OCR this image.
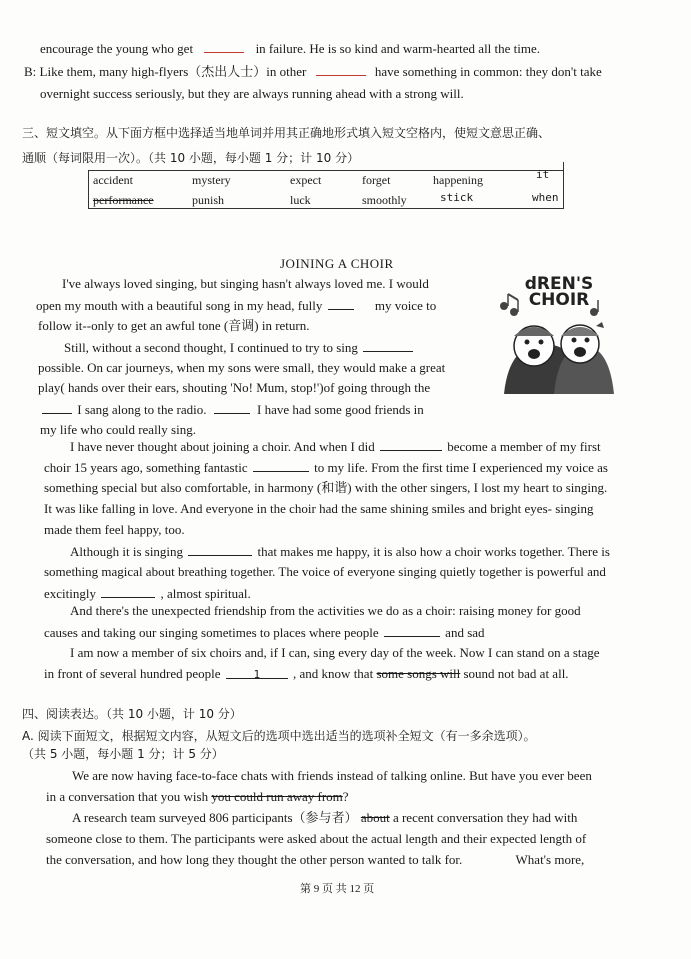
encourage the young who get	in failure. He is so kind and warm-hearted all the time.
B: Like them, many high-flyers（杰出人士）in other	have something in common: they don't take
overnight success seriously, but they are always running ahead with a strong will.
三、短文填空。从下面方框中选择适当地单词并用其正确地形式填入短文空格内，使短文意思正确、
通顺（每词限用一次）。（共 10 小题，每小题 1 分；计 10 分）
accident	mystery	expect	forget	happening	it
performance	punish	luck	smoothly	stick	when
JOINING A CHOIR
dREN'S CHOIR
I've always loved singing, but singing hasn't always loved me. I would
open my mouth with a beautiful song in my head, fully	my voice to
follow it--only to get an awful tone (音调) in return.
Still, without a second thought, I continued to try to sing
possible. On car journeys, when my sons were small, they would make a great
play( hands over their ears, shouting 'No! Mum, stop!')of going through the
I sang along to the radio.	I have had some good friends in
my life who could really sing.
I have never thought about joining a choir. And when I did	become a member of my first
choir 15 years ago, something fantastic	to my life. From the first time I experienced my voice as
something special but also comfortable, in harmony (和谐) with the other singers, I lost my heart to singing.
It was like falling in love. And everyone in the choir had the same shining smiles and bright eyes- singing
made them feel happy, too.
Although it is singing	that makes me happy, it is also how a choir works together. There is
something magical about breathing together. The voice of everyone singing quietly together is powerful and
excitingly	, almost spiritual.
And there's the unexpected friendship from the activities we do as a choir: raising money for good
causes and taking our singing sometimes to places where people	and sad
I am now a member of six choirs and, if I can, sing every day of the week. Now I can stand on a stage
in front of several hundred people	1	, and know that some songs will sound not bad at all.
四、阅读表达。（共 10 小题，计 10 分）
A. 阅读下面短文，根据短文内容，从短文后的选项中选出适当的选项补全短文（有一多余选项）。
（共 5 小题，每小题 1 分；计 5 分）
We are now having face-to-face chats with friends instead of talking online. But have you ever been
in a conversation that you wish you could run away from?
A research team surveyed 806 participants（参与者） about a recent conversation they had with
someone close to them. The participants were asked about the actual length and their expected length of
the conversation, and how long they thought the other person wanted to talk for.	What's more,
第 9 页 共 12 页
